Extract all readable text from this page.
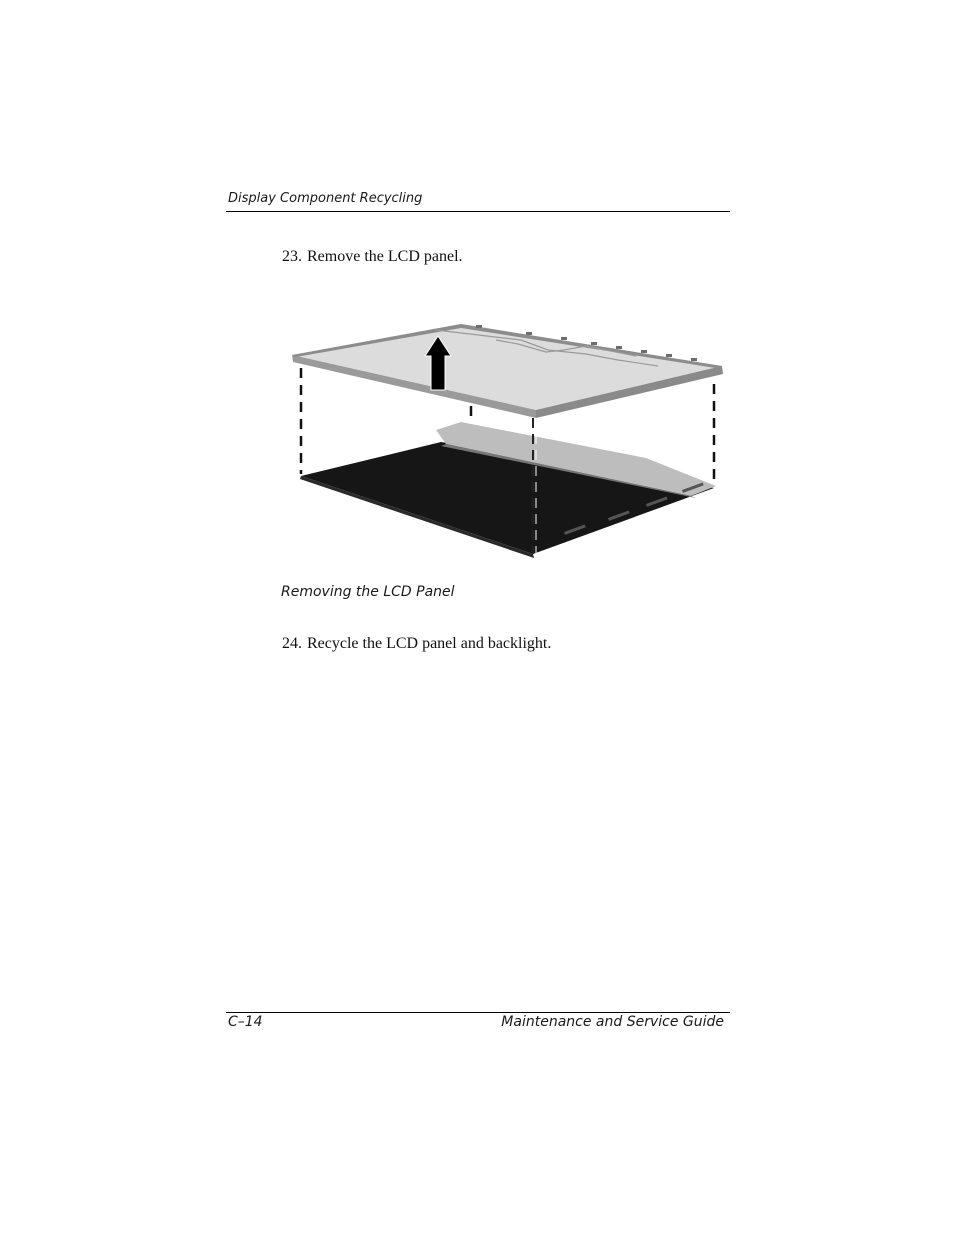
Display Component Recycling
23. Remove the LCD panel.
Removing the LCD Panel
24. Recycle the LCD panel and backlight.
C–14	Maintenance and Service Guide
